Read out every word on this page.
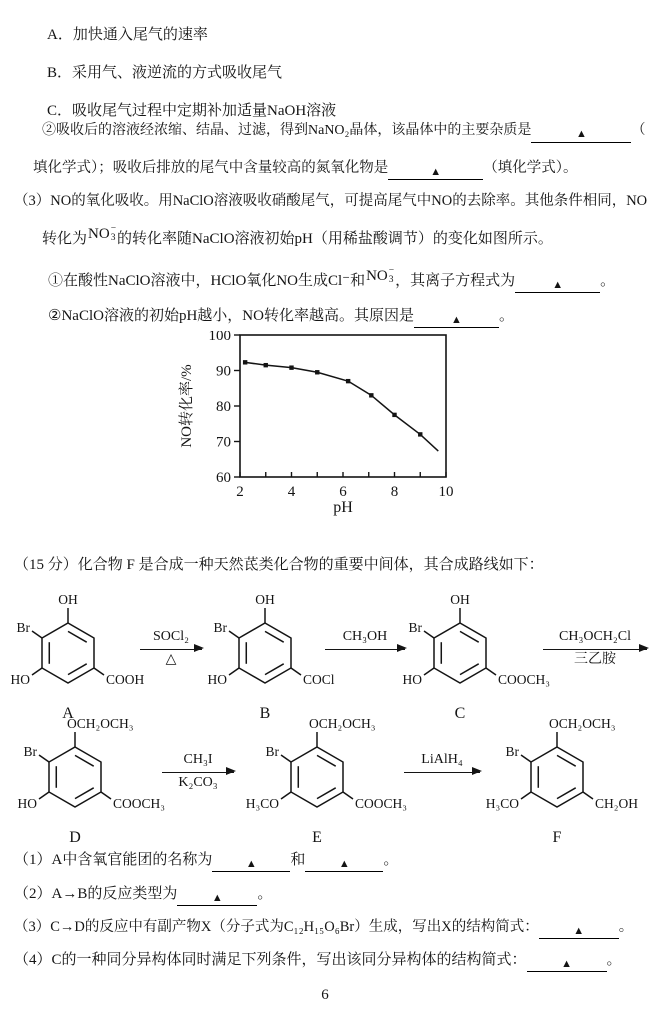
A．加快通入尾气的速率
B．采用气、液逆流的方式吸收尾气
C．吸收尾气过程中定期补加适量NaOH溶液
②吸收后的溶液经浓缩、结晶、过滤，得到NaNO₂晶体，该晶体中的主要杂质是	▲	（
填化学式）；吸收后排放的尾气中含量较高的氮氧化物是	▲	（填化学式）。
（3）NO的氧化吸收。用NaClO溶液吸收硝酸尾气，可提高尾气中NO的去除率。其他条件相同，NO
转化为 NO −
3 的转化率随NaClO溶液初始pH（用稀盐酸调节）的变化如图所示。
①在酸性NaClO溶液中，HClO氧化NO生成Cl⁻和 NO −
3 ，其离子方程式为	▲ 。
②NaClO溶液的初始pH越小，NO转化率越高。其原因是	▲ 。
60
70
80
90
100
2	4	6	8	10
pH
NO转化率/%
（15 分）化合物 F 是合成一种天然茋类化合物的重要中间体，其合成路线如下：
OH
Br
HO	COOH
A
SOCl₂
△
OH
Br
HO	COCl
B
CH₃OH
OH
Br
HO	COOCH₃
C
CH₃OCH₂Cl
三乙胺
OCH₂OCH₃
Br
HO	COOCH₃
D
CH₃I
K₂CO₃
OCH₂OCH₃
Br
H₃CO	COOCH₃
E
LiAlH₄
OCH₂OCH₃
Br
H₃CO	CH₂OH
F
（1）A中含氧官能团的名称为	▲ 和	▲ 。
（2）A→B的反应类型为	▲ 。
（3）C→D的反应中有副产物X（分子式为C₁₂H₁₅O₆Br）生成，写出X的结构简式：	▲ 。
（4）C的一种同分异构体同时满足下列条件，写出该同分异构体的结构简式：	▲ 。
6
